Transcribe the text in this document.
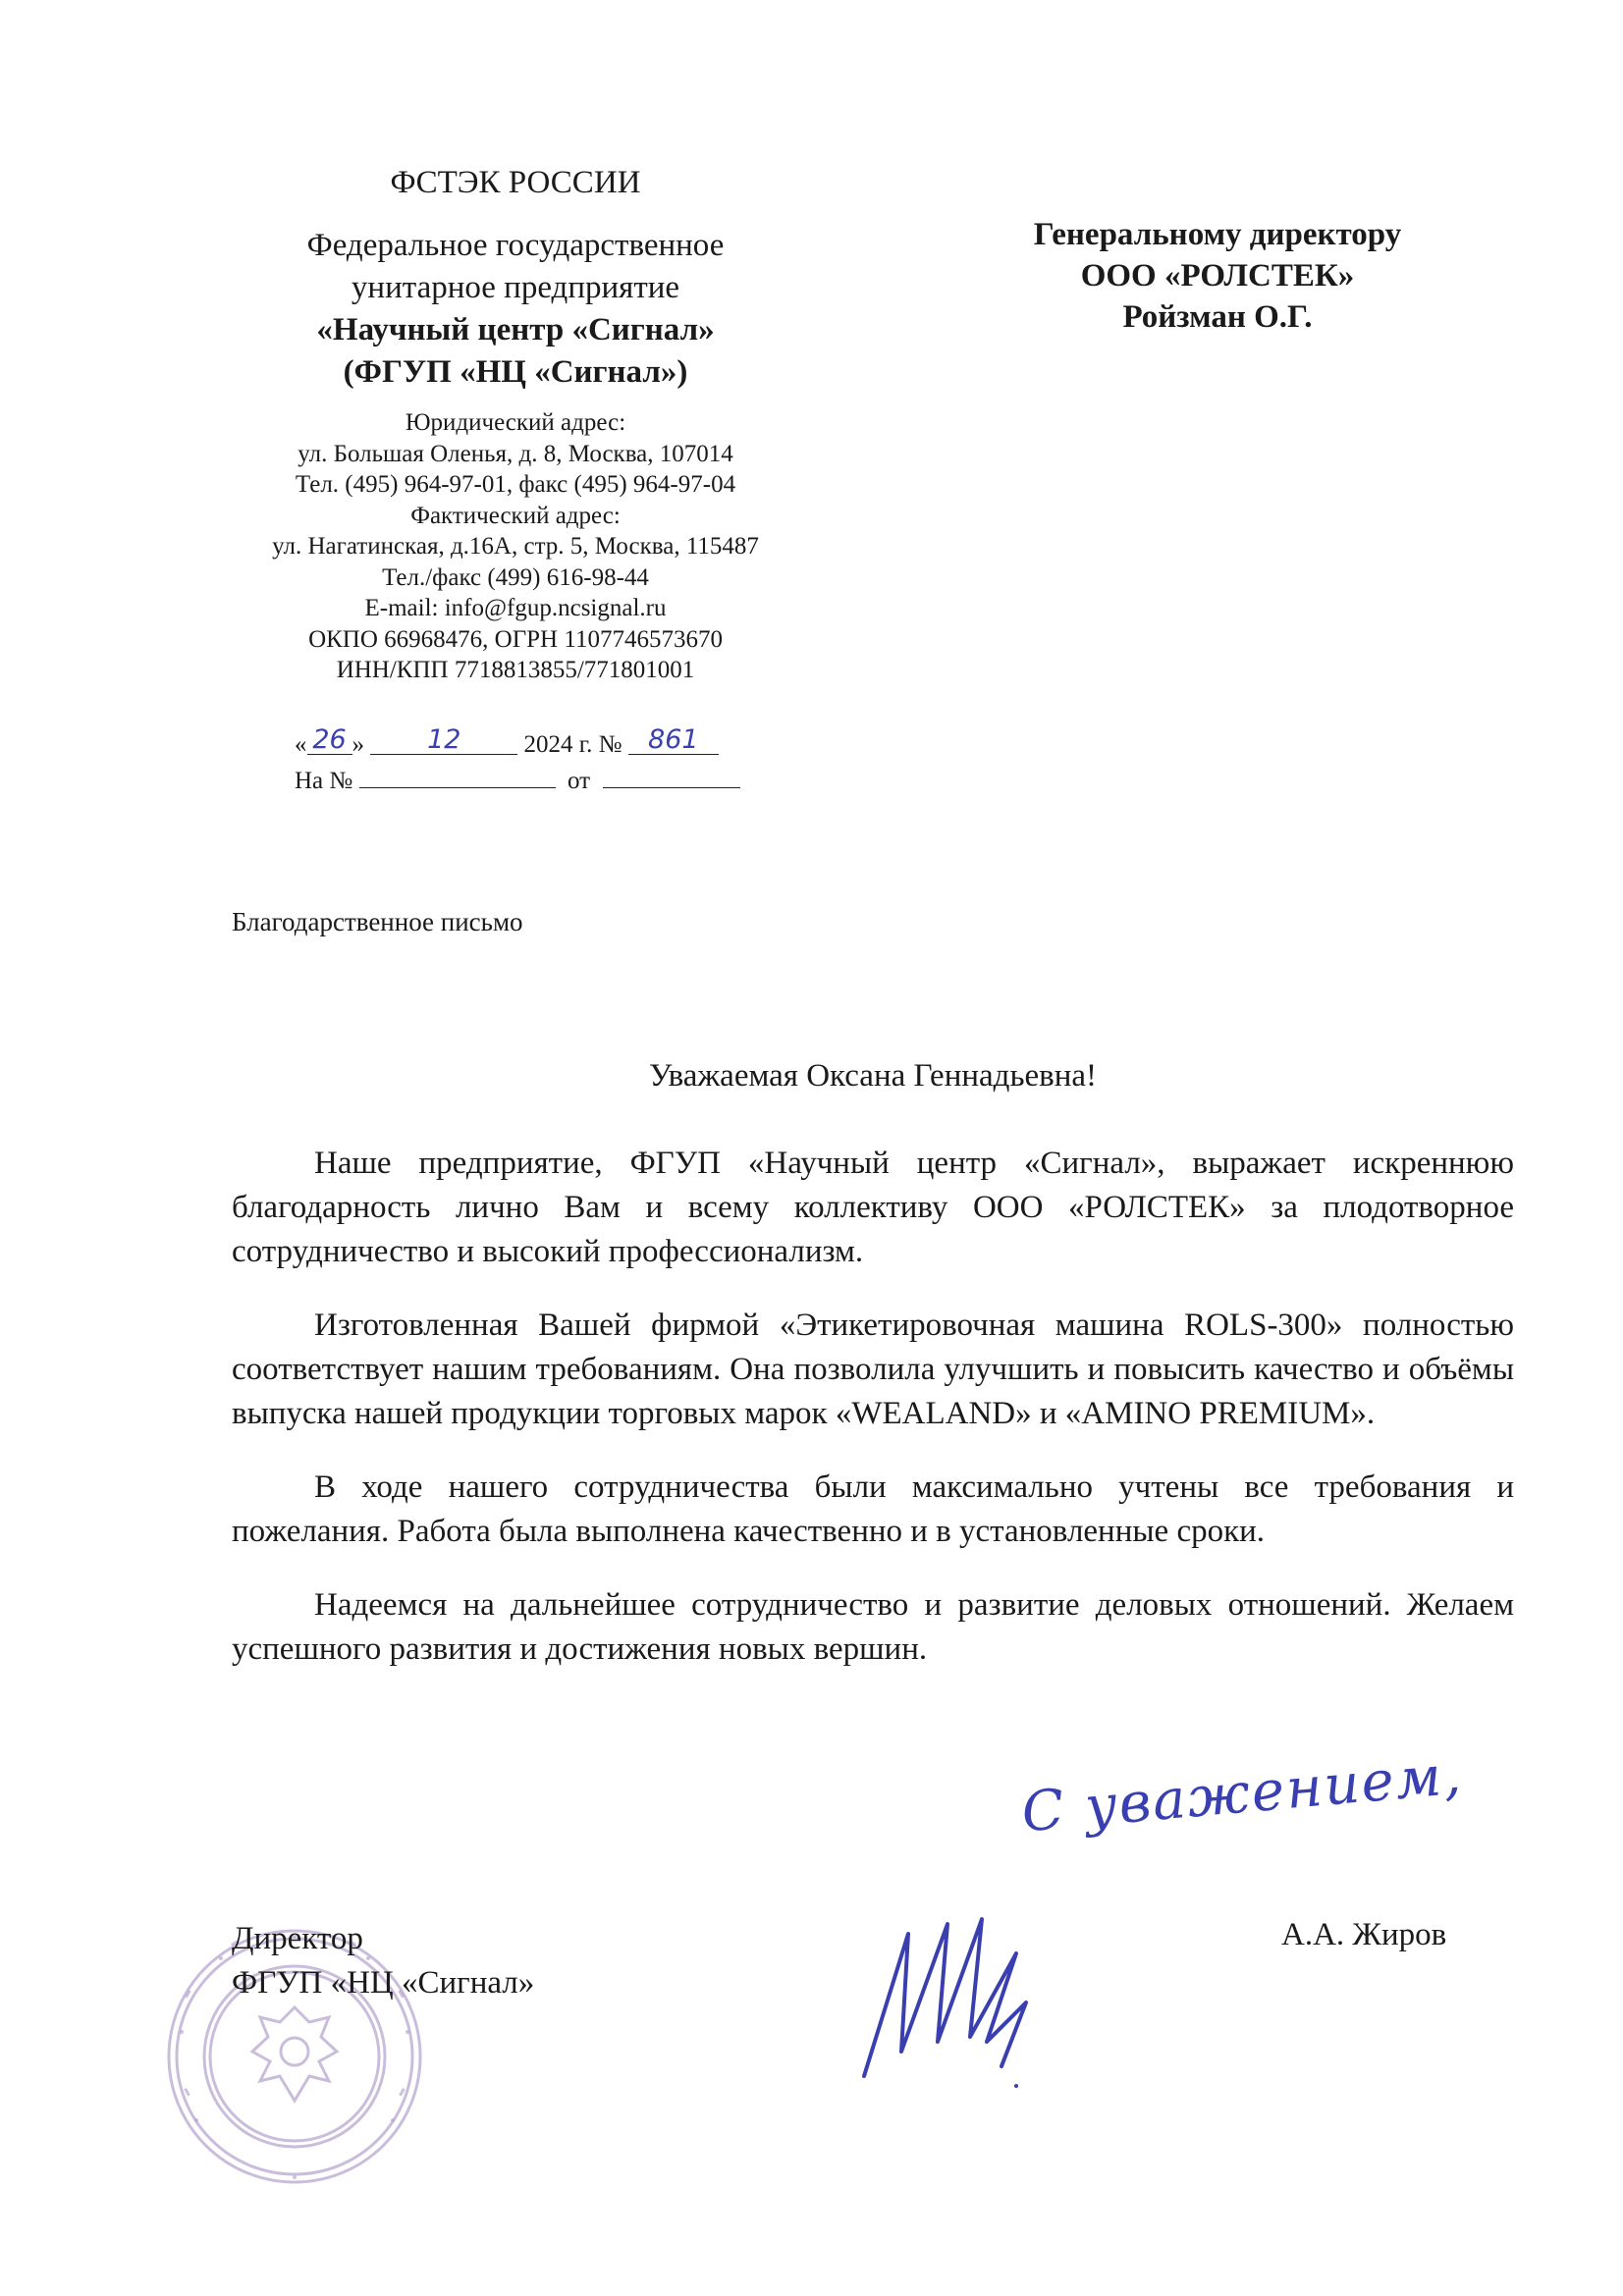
ФСТЭК РОССИИ
Федеральное государственное
унитарное предприятие
«Научный центр «Сигнал»
(ФГУП «НЦ «Сигнал»)
Юридический адрес:
ул. Большая Оленья, д. 8, Москва, 107014
Тел. (495) 964-97-01, факс (495) 964-97-04
Фактический адрес:
ул. Нагатинская, д.16А, стр. 5, Москва, 115487
Тел./факс (499) 616-98-44
E-mail: info@fgup.ncsignal.ru
ОКПО 66968476, ОГРН 1107746573670
ИНН/КПП 7718813855/771801001
« 26 » 12	2024 г. № 861
На №	от
Генеральному директору
ООО «РОЛСТЕК»
Ройзман О.Г.
Благодарственное письмо
Уважаемая Оксана Геннадьевна!

Наше предприятие, ФГУП «Научный центр «Сигнал», выражает искреннюю благодарность лично Вам и всему коллективу ООО «РОЛСТЕК» за плодотворное сотрудничество и высокий профессионализм.

Изготовленная Вашей фирмой «Этикетировочная машина ROLS-300» полностью соответствует нашим требованиям. Она позволила улучшить и повысить качество и объёмы выпуска нашей продукции торговых марок «WEALAND» и «AMINO PREMIUM».

В ходе нашего сотрудничества были максимально учтены все требования и пожелания. Работа была выполнена качественно и в установленные сроки.

Надеемся на дальнейшее сотрудничество и развитие деловых отношений. Желаем успешного развития и достижения новых вершин.

С уважением,
Директор
ФГУП «НЦ «Сигнал»
А.А. Жиров
